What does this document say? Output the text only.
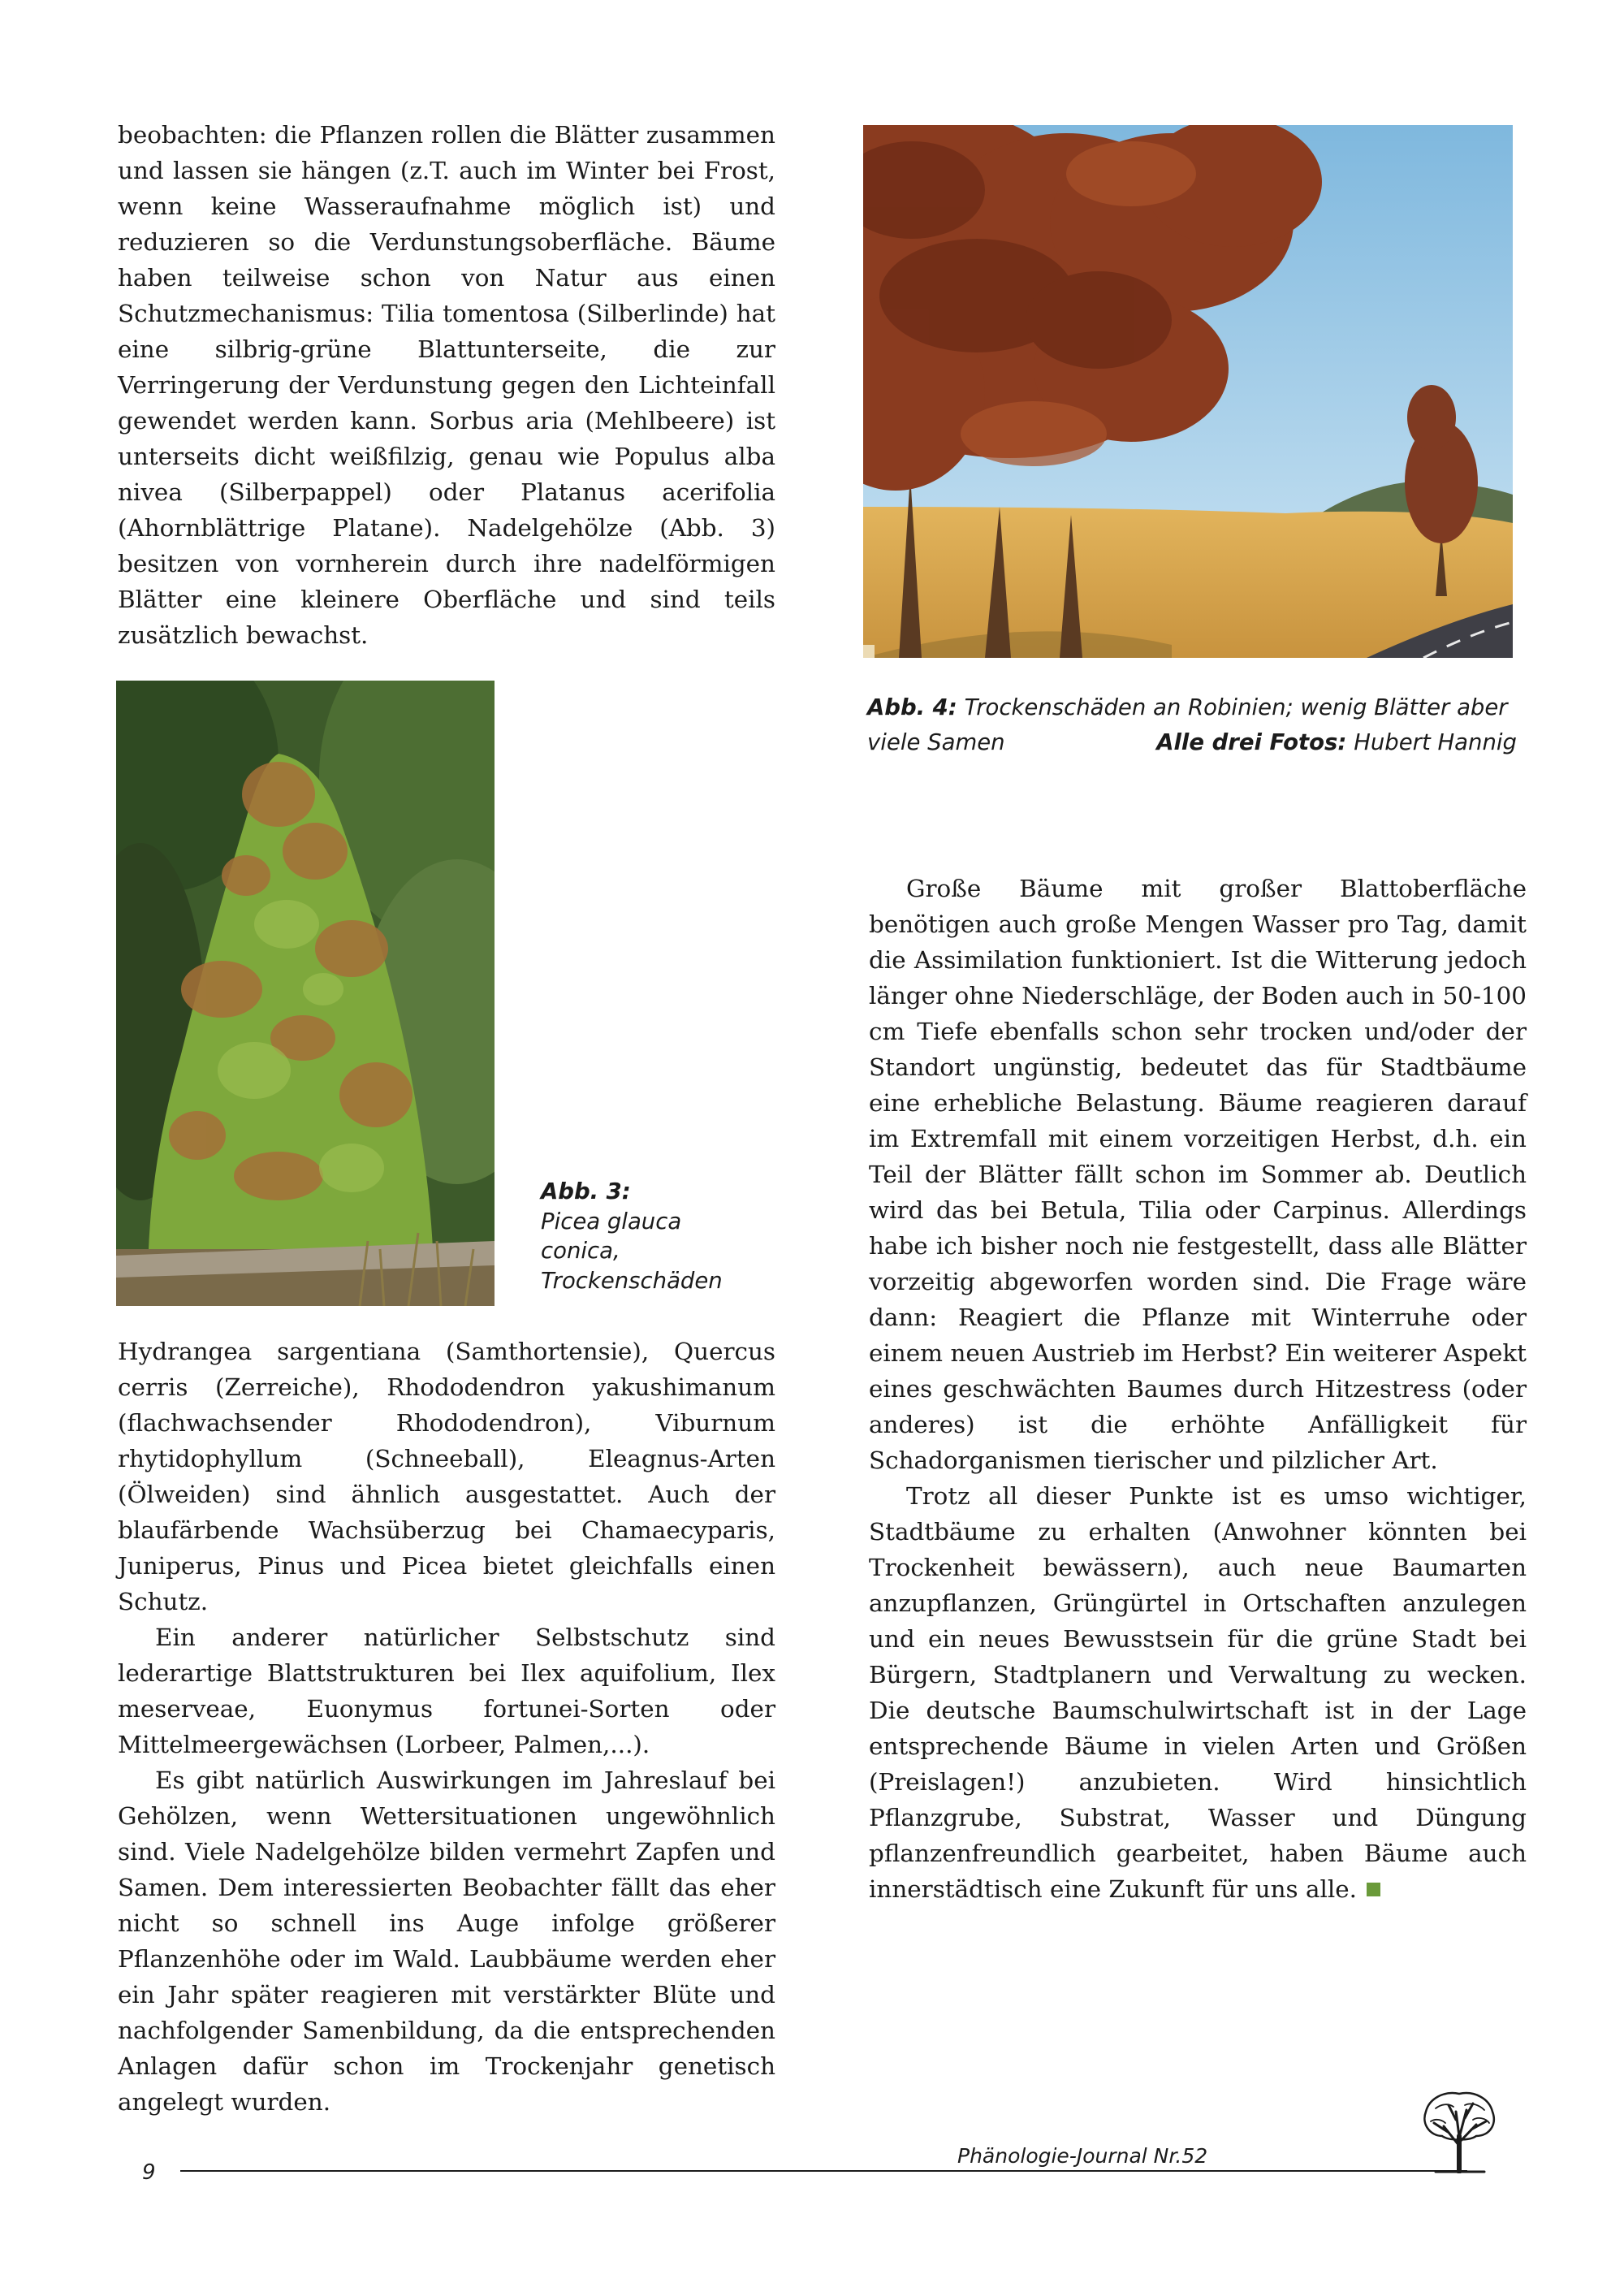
beobachten: die Pflanzen rollen die Blätter zusammen und lassen sie hängen (z.T. auch im Winter bei Frost, wenn keine Wasseraufnahme möglich ist) und reduzieren so die Verdunstungsoberfläche. Bäume haben teilweise schon von Natur aus einen Schutzmechanismus: Tilia tomentosa (Silberlinde) hat eine silbrig-grüne Blattunterseite, die zur Verringerung der Verdunstung gegen den Lichteinfall gewendet werden kann. Sorbus aria (Mehlbeere) ist unterseits dicht weißfilzig, genau wie Populus alba nivea (Silberpappel) oder Platanus acerifolia (Ahornblättrige Platane). Nadelgehölze (Abb. 3) besitzen von vornherein durch ihre nadelförmigen Blätter eine kleinere Oberfläche und sind teils zusätzlich bewachst.

Abb. 4: Trockenschäden an Robinien; wenig Blätter aber
viele Samen	Alle drei Fotos: Hubert Hannig
Abb. 3:
Picea glauca
conica,
Trockenschäden

Hydrangea sargentiana (Samthortensie), Quercus cerris (Zerreiche), Rhododendron yakushimanum (flachwachsender Rhododendron), Viburnum rhytidophyllum (Schneeball), Eleagnus-Arten (Ölweiden) sind ähnlich ausgestattet. Auch der blaufärbende Wachsüberzug bei Chamaecyparis, Juniperus, Pinus und Picea bietet gleichfalls einen Schutz.

Ein anderer natürlicher Selbstschutz sind lederartige Blattstrukturen bei Ilex aquifolium, Ilex meserveae, Euonymus fortunei-Sorten oder Mittelmeergewächsen (Lorbeer, Palmen,...).

Es gibt natürlich Auswirkungen im Jahreslauf bei Gehölzen, wenn Wettersituationen ungewöhnlich sind. Viele Nadelgehölze bilden vermehrt Zapfen und Samen. Dem interessierten Beobachter fällt das eher nicht so schnell ins Auge infolge größerer Pflanzenhöhe oder im Wald. Laubbäume werden eher ein Jahr später reagieren mit verstärkter Blüte und nachfolgender Samenbildung, da die entsprechenden Anlagen dafür schon im Trockenjahr genetisch angelegt wurden.

Große Bäume mit großer Blattoberfläche benötigen auch große Mengen Wasser pro Tag, damit die Assimilation funktioniert. Ist die Witterung jedoch länger ohne Niederschläge, der Boden auch in 50-100 cm Tiefe ebenfalls schon sehr trocken und/oder der Standort ungünstig, bedeutet das für Stadtbäume eine erhebliche Belastung. Bäume reagieren darauf im Extremfall mit einem vorzeitigen Herbst, d.h. ein Teil der Blätter fällt schon im Sommer ab. Deutlich wird das bei Betula, Tilia oder Carpinus. Allerdings habe ich bisher noch nie festgestellt, dass alle Blätter vorzeitig abgeworfen worden sind. Die Frage wäre dann: Reagiert die Pflanze mit Winterruhe oder einem neuen Austrieb im Herbst? Ein weiterer Aspekt eines geschwächten Baumes durch Hitzestress (oder anderes) ist die erhöhte Anfälligkeit für Schadorganismen tierischer und pilzlicher Art.

Trotz all dieser Punkte ist es umso wichtiger, Stadtbäume zu erhalten (Anwohner könnten bei Trockenheit bewässern), auch neue Baumarten anzupflanzen, Grüngürtel in Ortschaften anzulegen und ein neues Bewusstsein für die grüne Stadt bei Bürgern, Stadtplanern und Verwaltung zu wecken. Die deutsche Baumschulwirtschaft ist in der Lage entsprechende Bäume in vielen Arten und Größen (Preislagen!) anzubieten. Wird hinsichtlich Pflanzgrube, Substrat, Wasser und Düngung pflanzenfreundlich gearbeitet, haben Bäume auch innerstädtisch eine Zukunft für uns alle.

9
Phänologie-Journal Nr.52
